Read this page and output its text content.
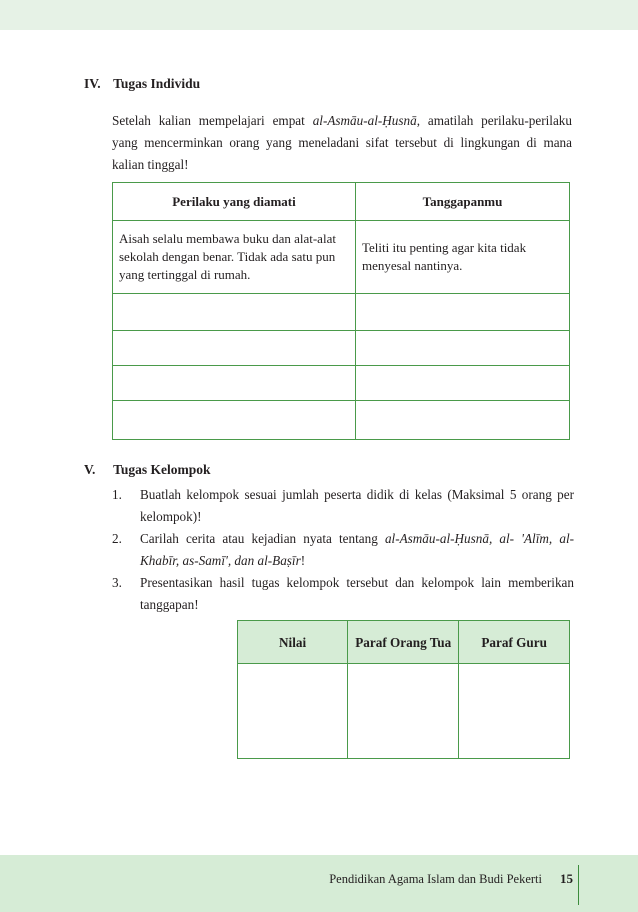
IV. Tugas Individu
Setelah kalian mempelajari empat al-Asmāu-al-Ḥusnā, amatilah perilaku-perilaku yang mencerminkan orang yang meneladani sifat tersebut di lingkungan di mana kalian tinggal!
Perilaku yang diamati	Tanggapanmu
Aisah selalu membawa buku dan alat-alat sekolah dengan benar. Tidak ada satu pun yang tertinggal di rumah.	Teliti itu penting agar kita tidak menyesal nantinya.

V. Tugas Kelompok
1. Buatlah kelompok sesuai jumlah peserta didik di kelas (Maksimal 5 orang per kelompok)!
2. Carilah cerita atau kejadian nyata tentang al-Asmāu-al-Ḥusnā, al- 'Alīm, al-Khabīr, as-Samī', dan al-Baṣīr!
3. Presentasikan hasil tugas kelompok tersebut dan kelompok lain memberikan tanggapan!
Nilai	Paraf Orang Tua	Paraf Guru

Pendidikan Agama Islam dan Budi Pekerti 15
